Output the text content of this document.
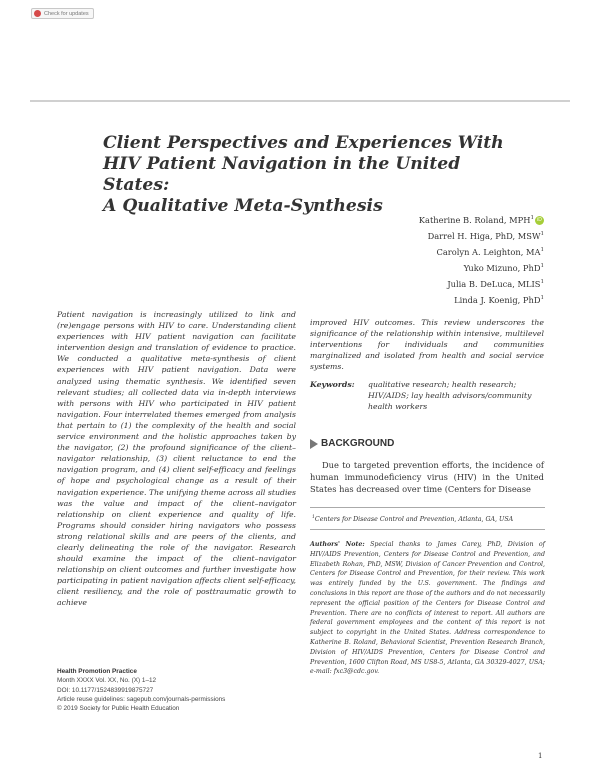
Check for updates
Client Perspectives and Experiences With
HIV Patient Navigation in the United States:
A Qualitative Meta-Synthesis
Katherine B. Roland, MPH$^1$ iD
Darrel H. Higa, PhD, MSW$^1$
Carolyn A. Leighton, $MA^1$
Yuko Mizuno, PhD$^1$
Julia B. DeLuca, MLIS$^1$
Linda J. Koenig, PhD$^1$

Patient navigation is increasingly utilized to link and (re)engage persons with HIV to care. Understanding client experiences with HIV patient navigation can facilitate intervention design and translation of evidence to practice. We conducted a qualitative meta-synthesis of client experiences with HIV patient navigation. Data were analyzed using thematic synthesis. We identified seven relevant studies; all collected data via in-depth interviews with persons with HIV who participated in HIV patient navigation. Four interrelated themes emerged from analysis that pertain to (1) the complexity of the health and social service environment and the holistic approaches taken by the navigator, (2) the profound significance of the client–navigator relationship, (3) client reluctance to end the navigation program, and (4) client self-efficacy and feelings of hope and psychological change as a result of their navigation experience. The unifying theme across all studies was the value and impact of the client–navigator relationship on client experience and quality of life. Programs should consider hiring navigators who possess strong relational skills and are peers of the clients, and clearly delineating the role of the navigator. Research should examine the impact of the client–navigator relationship on client outcomes and further investigate how participating in patient navigation affects client self-efficacy, client resiliency, and the role of posttraumatic growth to achieve

improved HIV outcomes. This review underscores the significance of the relationship within intensive, multilevel interventions for individuals and communities marginalized and isolated from health and social service systems.

Keywords:	qualitative research; health research; HIV/AIDS; lay health advisors/community health workers
BACKGROUND

Due to targeted prevention efforts, the incidence of human immunodeficiency virus (HIV) in the United States has decreased over time (Centers for Disease

$^1$Centers for Disease Control and Prevention, Atlanta, GA, USA

Authors' Note: Special thanks to James Carey, PhD, Division of HIV/AIDS Prevention, Centers for Disease Control and Prevention, and Elizabeth Rohan, PhD, MSW, Division of Cancer Prevention and Control, Centers for Disease Control and Prevention, for their review. This work was entirely funded by the U.S. government. The findings and conclusions in this report are those of the authors and do not necessarily represent the official position of the Centers for Disease Control and Prevention. There are no conflicts of interest to report. All authors are federal government employees and the content of this report is not subject to copyright in the United States. Address correspondence to Katherine B. Roland, Behavioral Scientist, Prevention Research Branch, Division of HIV/AIDS Prevention, Centers for Disease Control and Prevention, 1600 Clifton Road, MS US8-5, Atlanta, GA 30329-4027, USA; e-mail: fxc3@cdc.gov.

Health Promotion Practice
Month XXXX Vol. XX, No. (X) 1–12
DOI: 10.1177/1524839919875727
Article reuse guidelines: sagepub.com/journals-permissions
© 2019 Society for Public Health Education
1
